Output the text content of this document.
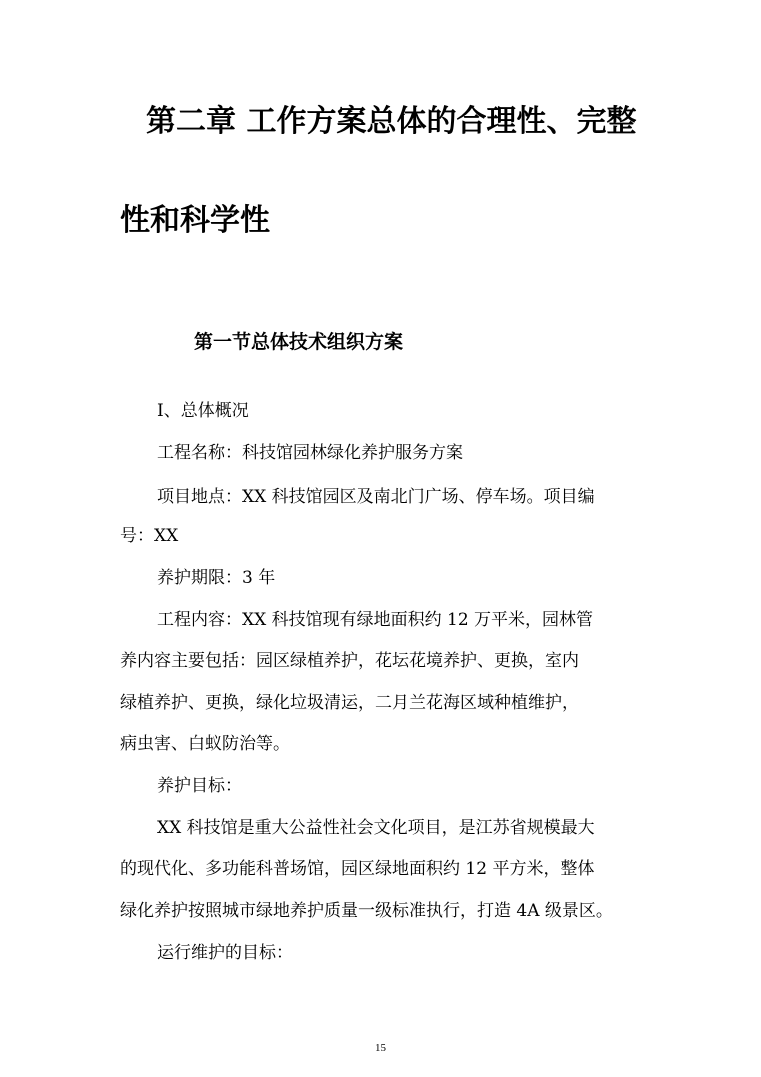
第二章 工作方案总体的合理性、完整
性和科学性
第一节总体技术组织方案
I、总体概况
工程名称：科技馆园林绿化养护服务方案
项目地点：XX 科技馆园区及南北门广场、停车场。项目编
号：XX
养护期限：3 年
工程内容：XX 科技馆现有绿地面积约 12 万平米，园林管
养内容主要包括：园区绿植养护，花坛花境养护、更换，室内
绿植养护、更换，绿化垃圾清运，二月兰花海区域种植维护，
病虫害、白蚁防治等。
养护目标：
XX 科技馆是重大公益性社会文化项目，是江苏省规模最大
的现代化、多功能科普场馆，园区绿地面积约 12 平方米，整体
绿化养护按照城市绿地养护质量一级标准执行，打造 4A 级景区。
运行维护的目标：
15
